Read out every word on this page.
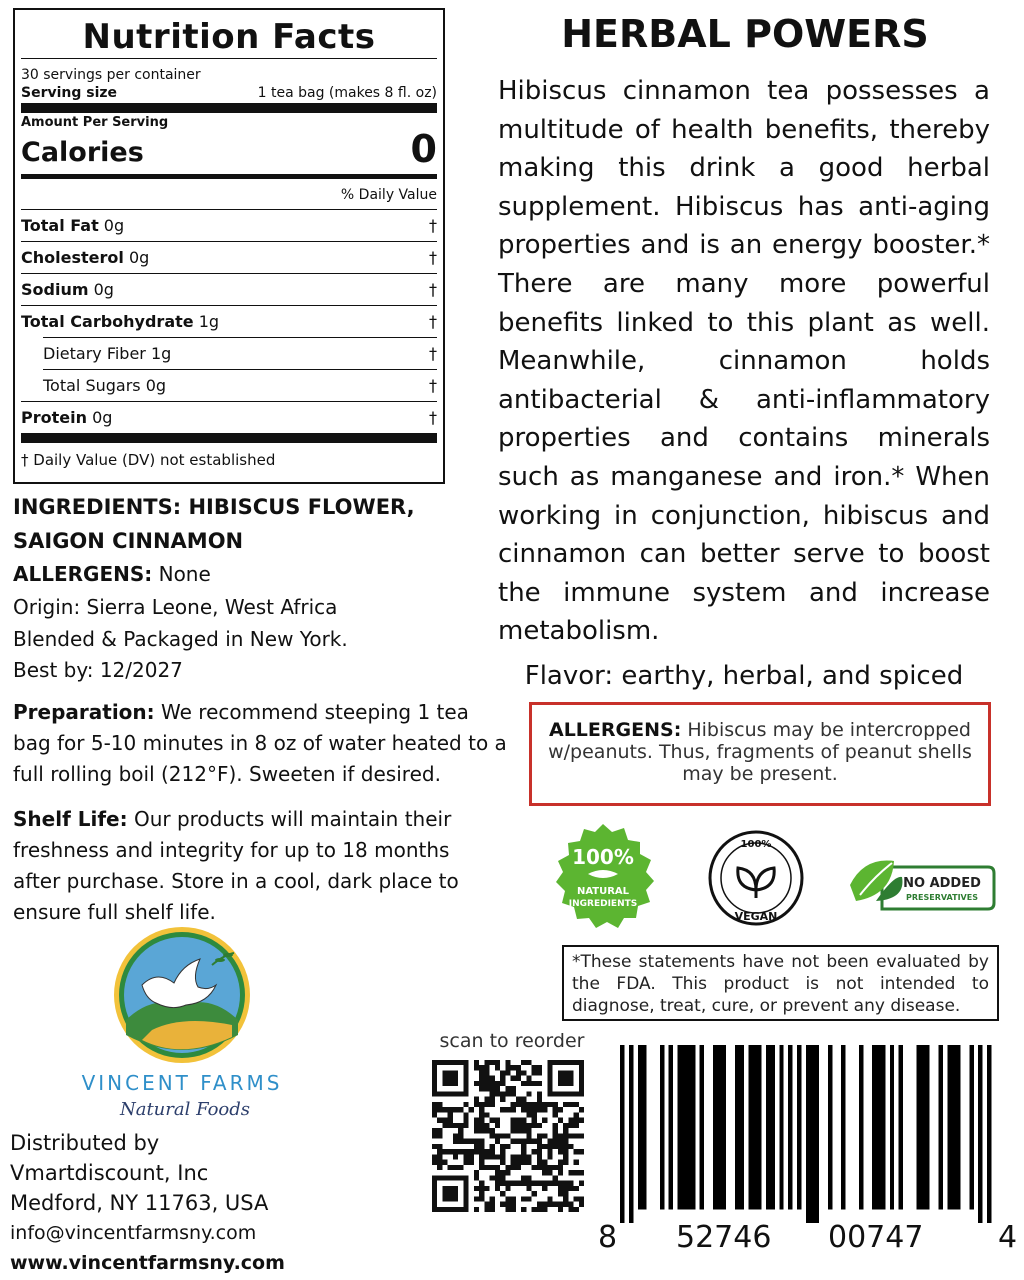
Nutrition Facts
30 servings per container
Serving size	1 tea bag (makes 8 fl. oz)
Amount Per Serving
Calories	0
% Daily Value
Total Fat 0g	†
Cholesterol 0g	†
Sodium 0g	†
Total Carbohydrate 1g	†
Dietary Fiber 1g	†
Total Sugars 0g	†
Protein 0g	†
† Daily Value (DV) not established
INGREDIENTS: HIBISCUS FLOWER, SAIGON CINNAMON
ALLERGENS: None
Origin: Sierra Leone, West Africa
Blended & Packaged in New York.
Best by: 12/2027
Preparation: We recommend steeping 1 tea bag for 5-10 minutes in 8 oz of water heated to a full rolling boil (212°F). Sweeten if desired.
Shelf Life: Our products will maintain their freshness and integrity for up to 18 months after purchase. Store in a cool, dark place to ensure full shelf life.
VINCENT FARMS
Natural Foods
Distributed by
Vmartdiscount, Inc
Medford, NY 11763, USA
info@vincentfarmsny.com
www.vincentfarmsny.com
HERBAL POWERS
Hibiscus cinnamon tea possesses a multitude of health benefits, thereby making this drink a good herbal supplement. Hibiscus has anti-aging properties and is an energy booster.* There are many more powerful benefits linked to this plant as well. Meanwhile, cinnamon holds antibacterial & anti-inflammatory properties and contains minerals such as manganese and iron.* When working in conjunction, hibiscus and cinnamon can better serve to boost the immune system and increase metabolism.
Flavor: earthy, herbal, and spiced
ALLERGENS: Hibiscus may be intercropped w/peanuts. Thus, fragments of peanut shells may be present.
100%
NATURAL
INGREDIENTS
100%
VEGAN
NO ADDED
PRESERVATIVES
*These statements have not been evaluated by the FDA. This product is not intended to diagnose, treat, cure, or prevent any disease.
scan to reorder
8 52746 00747 4
